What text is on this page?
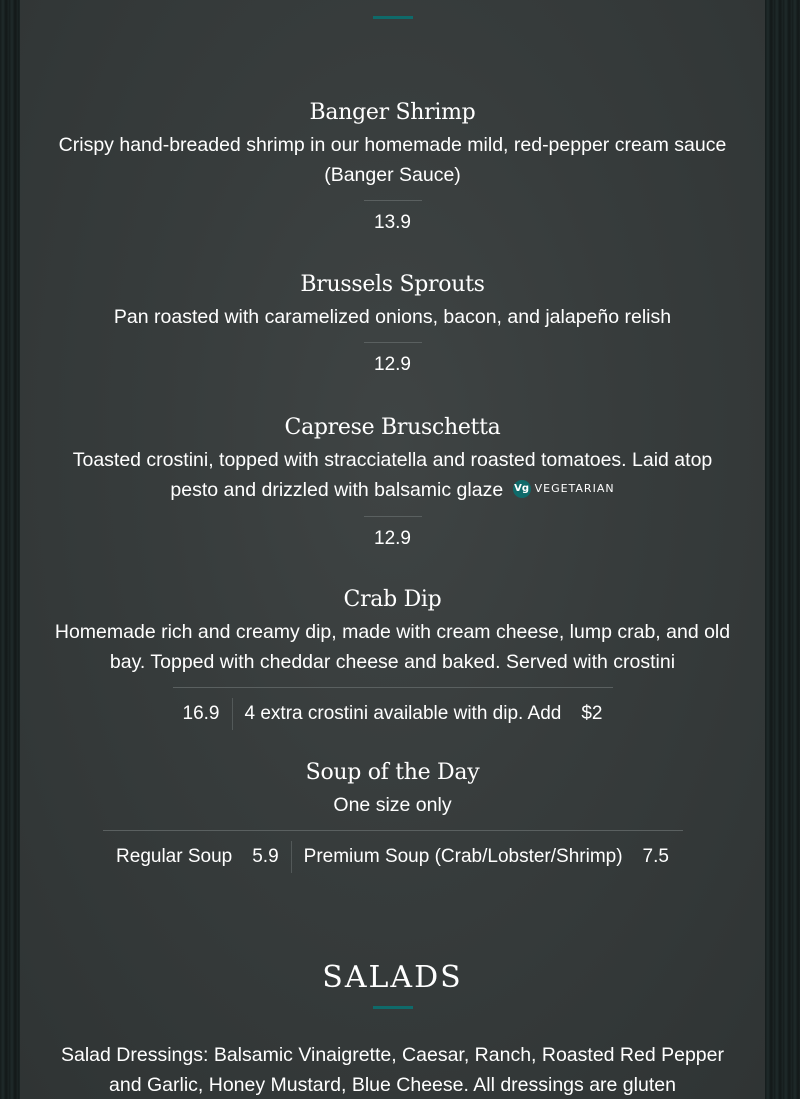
Banger Shrimp
Crispy hand-breaded shrimp in our homemade mild, red-pepper cream sauce (Banger Sauce)
13.9
Brussels Sprouts
Pan roasted with caramelized onions, bacon, and jalapeño relish
12.9
Caprese Bruschetta
Toasted crostini, topped with stracciatella and roasted tomatoes. Laid atop pesto and drizzled with balsamic glaze Vg VEGETARIAN
12.9
Crab Dip
Homemade rich and creamy dip, made with cream cheese, lump crab, and old bay. Topped with cheddar cheese and baked. Served with crostini
16.9	4 extra crostini available with dip. Add	$2
Soup of the Day
One size only
Regular Soup	5.9	Premium Soup (Crab/Lobster/Shrimp)	7.5
SALADS
Salad Dressings: Balsamic Vinaigrette, Caesar, Ranch, Roasted Red Pepper and Garlic, Honey Mustard, Blue Cheese. All dressings are gluten
